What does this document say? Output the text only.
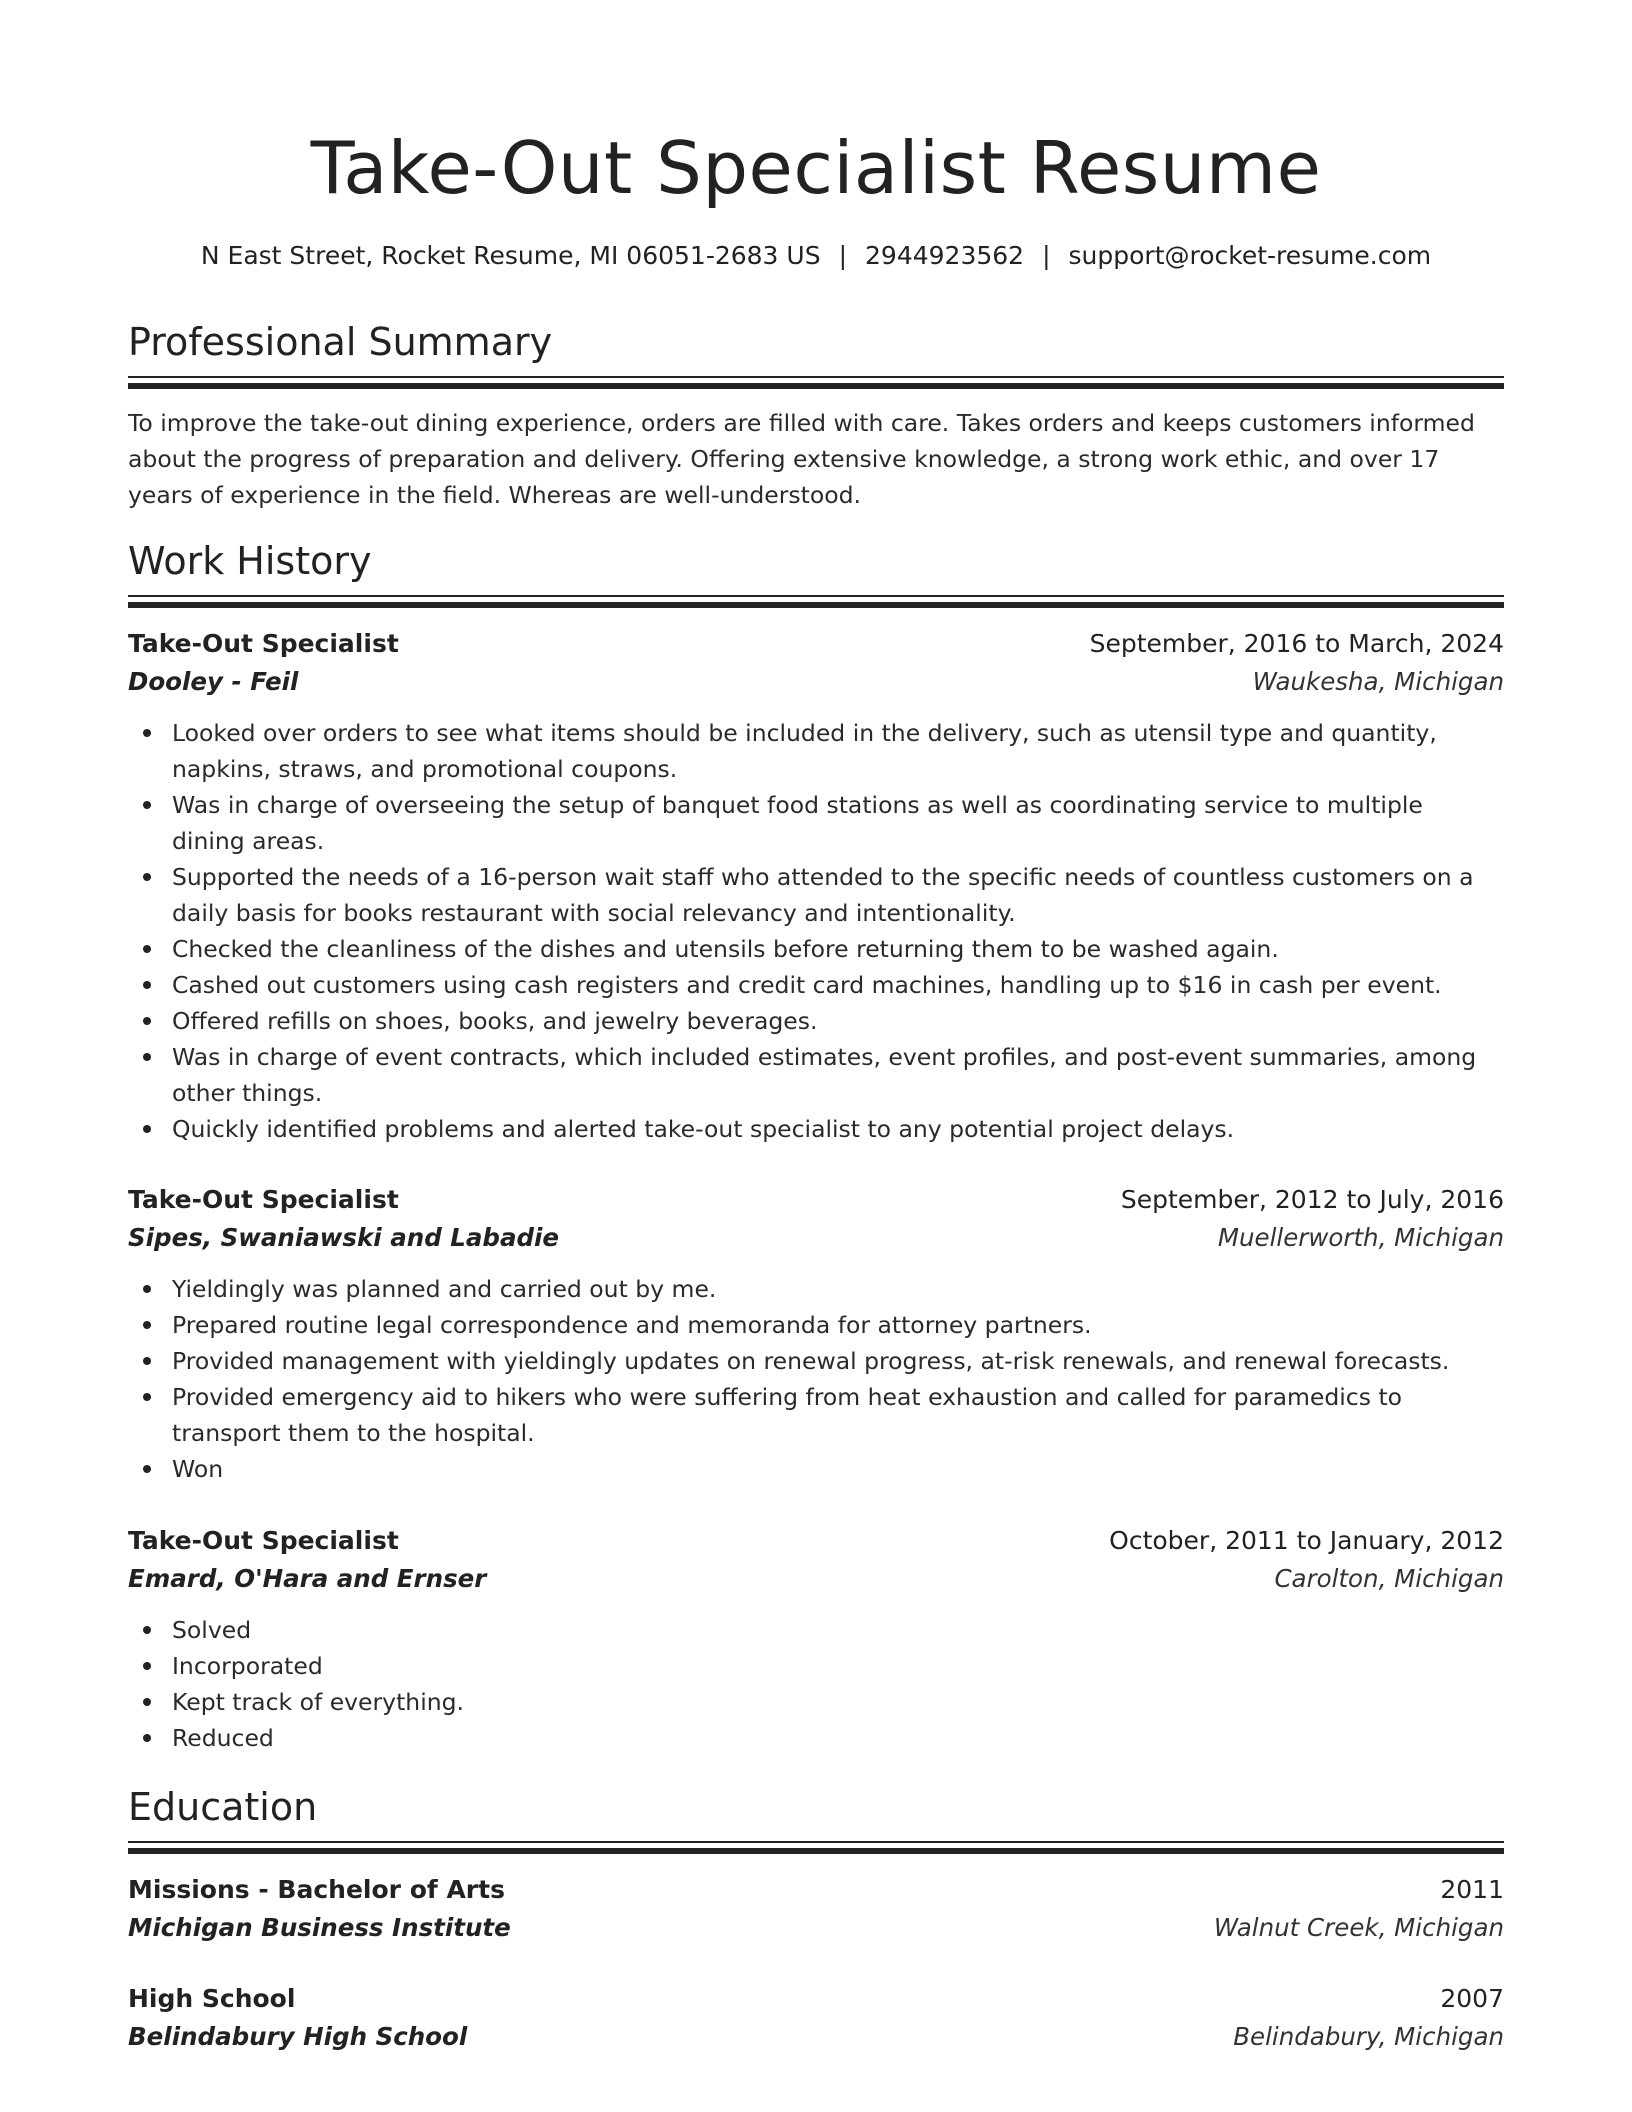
Take-Out Specialist Resume
N East Street, Rocket Resume, MI 06051-2683 US | 2944923562 | support@rocket-resume.com
Professional Summary

To improve the take-out dining experience, orders are filled with care. Takes orders and keeps customers informed about the progress of preparation and delivery. Offering extensive knowledge, a strong work ethic, and over 17 years of experience in the field. Whereas are well-understood.

Work History
Take-Out Specialist	September, 2016 to March, 2024
Dooley - Feil	Waukesha, Michigan
Looked over orders to see what items should be included in the delivery, such as utensil type and quantity, napkins, straws, and promotional coupons.
Was in charge of overseeing the setup of banquet food stations as well as coordinating service to multiple dining areas.
Supported the needs of a 16-person wait staff who attended to the specific needs of countless customers on a daily basis for books restaurant with social relevancy and intentionality.
Checked the cleanliness of the dishes and utensils before returning them to be washed again.
Cashed out customers using cash registers and credit card machines, handling up to $16 in cash per event.
Offered refills on shoes, books, and jewelry beverages.
Was in charge of event contracts, which included estimates, event profiles, and post-event summaries, among other things.
Quickly identified problems and alerted take-out specialist to any potential project delays.
Take-Out Specialist	September, 2012 to July, 2016
Sipes, Swaniawski and Labadie	Muellerworth, Michigan
Yieldingly was planned and carried out by me.
Prepared routine legal correspondence and memoranda for attorney partners.
Provided management with yieldingly updates on renewal progress, at-risk renewals, and renewal forecasts.
Provided emergency aid to hikers who were suffering from heat exhaustion and called for paramedics to transport them to the hospital.
Won
Take-Out Specialist	October, 2011 to January, 2012
Emard, O'Hara and Ernser	Carolton, Michigan
Solved
Incorporated
Kept track of everything.
Reduced
Education
Missions - Bachelor of Arts	2011
Michigan Business Institute	Walnut Creek, Michigan
High School	2007
Belindabury High School	Belindabury, Michigan
